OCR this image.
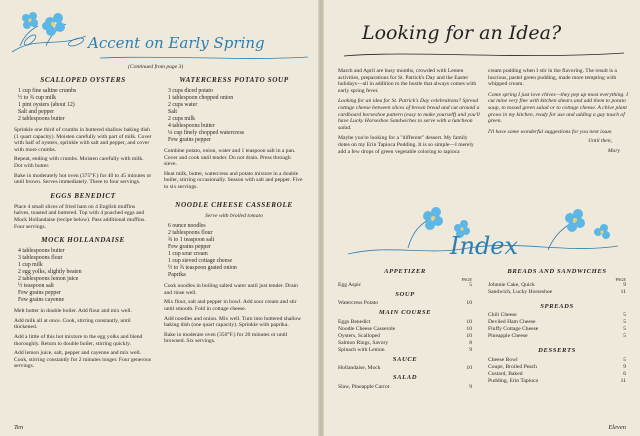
Accent on Early Spring
(Continued from page 3)
SCALLOPED OYSTERS
1 cup fine saltine crumbs
½ to ¾ cup milk
1 pint oysters (about 12)
Salt and pepper
2 tablespoons butter

Sprinkle one third of crumbs in buttered shallow baking dish (1 quart capacity). Moisten carefully with part of milk. Cover with half of oysters, sprinkle with salt and pepper, and cover with more crumbs.

Repeat, ending with crumbs. Moisten carefully with milk. Dot with butter.

Bake in moderately hot oven (375°F.) for 40 to 45 minutes or until brown. Serves immediately. Three to four servings.

EGGS BENEDICT

Place 4 small slices of fried ham on 4 English muffins halves, toasted and buttered. Top with 4 poached eggs and Mock Hollandaise (recipe below). Pass additional muffins. Four servings.

MOCK HOLLANDAISE
4 tablespoons butter
3 tablespoons flour
1 cup milk
2 egg yolks, slightly beaten
2 tablespoons lemon juice
½ teaspoon salt
Few grains pepper
Few grains cayenne

Melt butter in double boiler. Add flour and mix well.

Add milk all at once. Cook, stirring constantly, until thickened.

Add a little of this hot mixture to the egg yolks and blend thoroughly. Return to double boiler, stirring quickly.

Add lemon juice, salt, pepper and cayenne and mix well. Cook, stirring constantly for 2 minutes longer. Four generous servings.

WATERCRESS POTATO SOUP
3 cups diced potato
1 tablespoon chopped onion
2 cups water
Salt
2 cups milk
4 tablespoons butter
¼ cup finely chopped watercress
Few grains pepper

Combine potato, onion, water and 1 teaspoon salt in a pan. Cover and cook until tender. Do not drain. Press through sieve.

Heat milk, butter, watercress and potato mixture in a double boiler, stirring occasionally. Season with salt and pepper. Five to six servings.

NOODLE CHEESE CASSEROLE
Serve with broiled tomato
6 ounce noodles
2 tablespoons flour
¾ to 1 teaspoon salt
Few grains pepper
1 cup sour cream
1 cup sieved cottage cheese
½ to ¾ teaspoon grated onion
Paprika

Cook noodles in boiling salted water until just tender. Drain and rinse well.

Mix flour, salt and pepper in bowl. Add sour cream and stir until smooth. Fold in cottage cheese.

Add noodles and onion. Mix well. Turn into buttered shallow baking dish (one quart capacity). Sprinkle with paprika.

Bake in moderate oven (350°F.) for 20 minutes or until browned. Six servings.

Ten
Looking for an Idea?

March and April are busy months, crowded with Lenten activities, preparations for St. Patrick's Day and the Easter holidays—all in addition to the bustle that always comes with early spring fever.

Looking for an idea for St. Patrick's Day celebrations? Spread cottage cheese between slices of brown bread and cut around a cardboard horseshoe pattern (easy to make yourself) and you'll have Lucky Horseshoe Sandwiches to serve with a luncheon salad.

Maybe you're looking for a "different" dessert. My family dotes on my Erin Tapioca Pudding. It is so simple—I merely add a few drops of green vegetable coloring to tapioca

cream pudding when I stir in the flavoring. The result is a luscious, pastel green pudding, made more tempting with whipped cream.

Come spring I just love chives—they pep up most everything. I cut mine very fine with kitchen shears and add them to potato soup, to tossed green salad or to cottage cheese. A chive plant grows in my kitchen, ready for use and adding a gay touch of green.

I'll have some wonderful suggestions for you next issue.

Until then,

Mary

Index
APPETIZER
PAGE
Egg Aspic	5
SOUP
Watercress Potato	10
MAIN COURSE
Eggs Benedict	10
Noodle Cheese Casserole	10
Oysters, Scalloped	10
Salmon Rings, Savory	8
Spinach with Lemon	9
SAUCE
Hollandaise, Mock	10
SALAD
Slaw, Pineapple Carrot	9
BREADS AND SANDWICHES
PAGE
Johnnie Cake, Quick	9
Sandwich, Lucky Horseshoe	11
SPREADS
Chili Cheese	5
Deviled Ham Cheese	5
Fluffy Cottage Cheese	5
Pineapple Cheese	5
DESSERTS
Cheese Bowl	5
Coupe, Broiled Peach	9
Custard, Baked	6
Pudding, Erin Tapioca	11
Eleven
